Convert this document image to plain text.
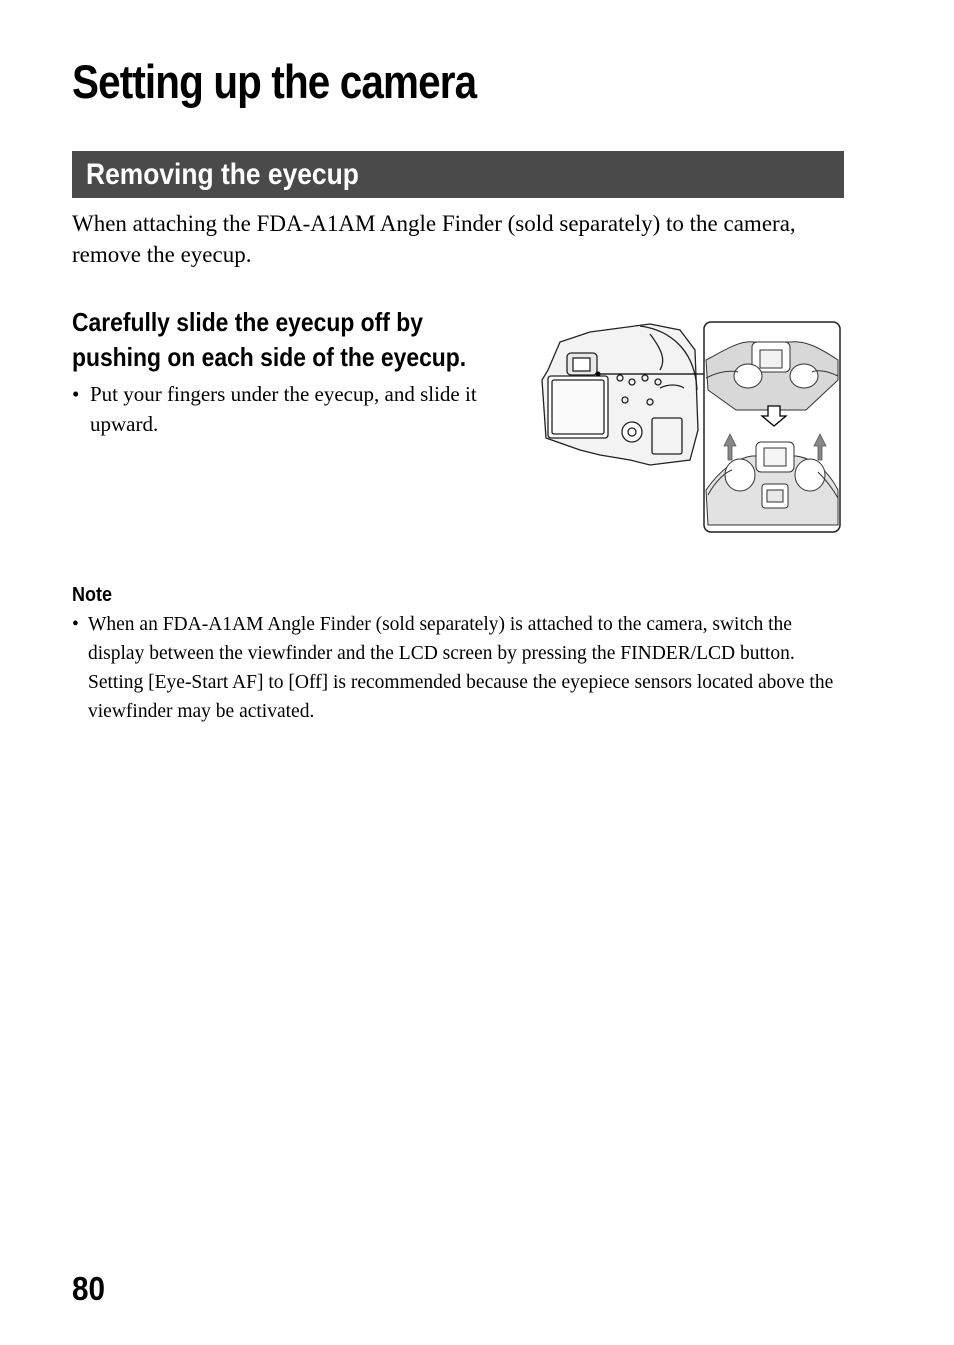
Setting up the camera
Removing the eyecup
When attaching the FDA-A1AM Angle Finder (sold separately) to the camera, remove the eyecup.
Carefully slide the eyecup off by pushing on each side of the eyecup.
• Put your fingers under the eyecup, and slide it upward.
Note
• When an FDA-A1AM Angle Finder (sold separately) is attached to the camera, switch the display between the viewfinder and the LCD screen by pressing the FINDER/LCD button. Setting [Eye-Start AF] to [Off] is recommended because the eyepiece sensors located above the viewfinder may be activated.
80
